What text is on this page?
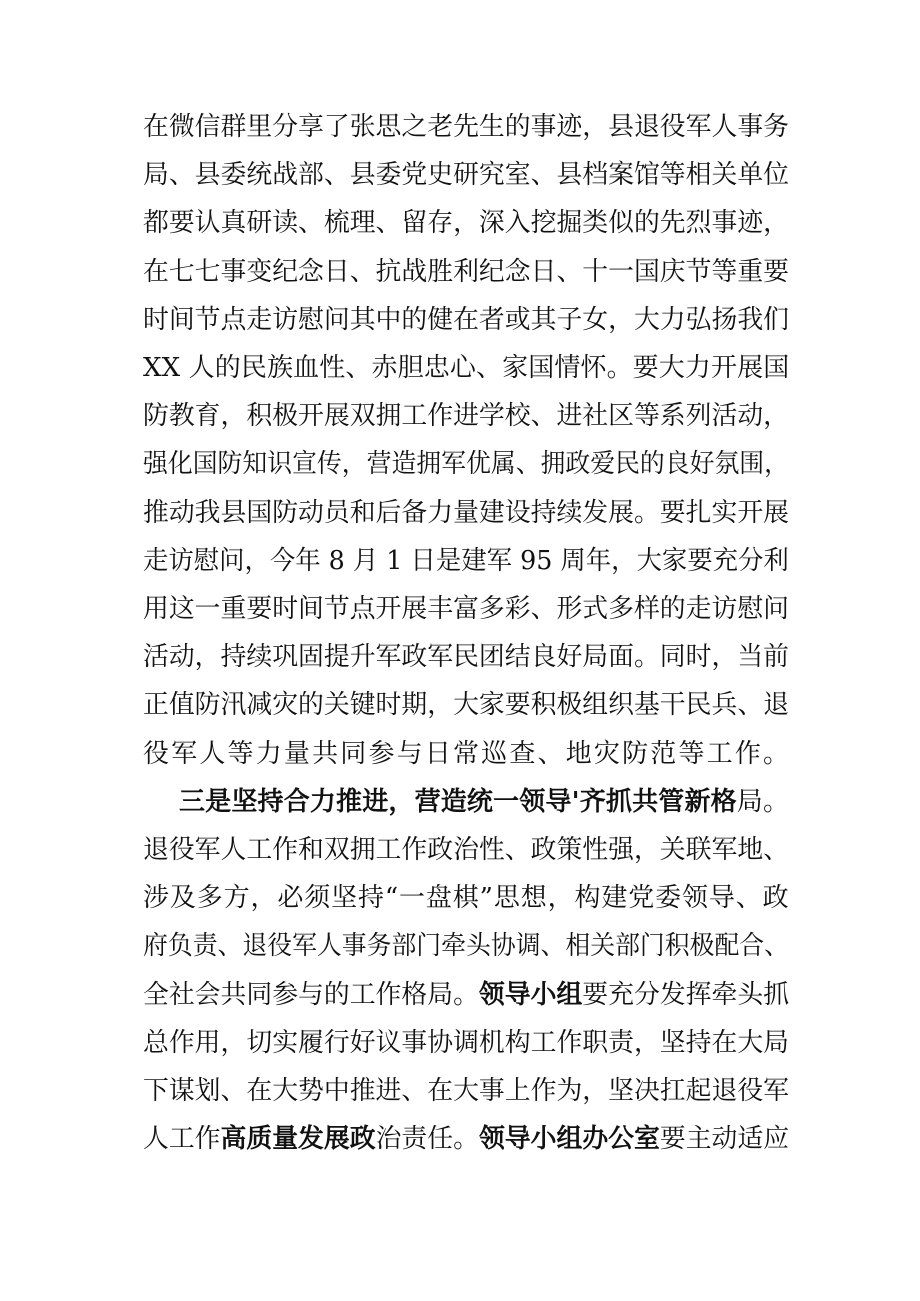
在微信群里分享了张思之老先生的事迹，县退役军人事务
局、县委统战部、县委党史研究室、县档案馆等相关单位
都要认真研读、梳理、留存，深入挖掘类似的先烈事迹，
在七七事变纪念日、抗战胜利纪念日、十一国庆节等重要
时间节点走访慰问其中的健在者或其子女，大力弘扬我们
XX 人的民族血性、赤胆忠心、家国情怀。要大力开展国
防教育，积极开展双拥工作进学校、进社区等系列活动，
强化国防知识宣传，营造拥军优属、拥政爱民的良好氛围，
推动我县国防动员和后备力量建设持续发展。要扎实开展
走访慰问，今年 8 月 1 日是建军 95 周年，大家要充分利
用这一重要时间节点开展丰富多彩、形式多样的走访慰问
活动，持续巩固提升军政军民团结良好局面。同时，当前
正值防汛减灾的关键时期，大家要积极组织基干民兵、退
役军人等力量共同参与日常巡查、地灾防范等工作。
三是坚持合力推进，营造统一领导'齐抓共管新格局。
退役军人工作和双拥工作政治性、政策性强，关联军地、
涉及多方，必须坚持“一盘棋”思想，构建党委领导、政
府负责、退役军人事务部门牵头协调、相关部门积极配合、
全社会共同参与的工作格局。领导小组要充分发挥牵头抓
总作用，切实履行好议事协调机构工作职责，坚持在大局
下谋划、在大势中推进、在大事上作为，坚决扛起退役军
人工作高质量发展政治责任。领导小组办公室要主动适应
